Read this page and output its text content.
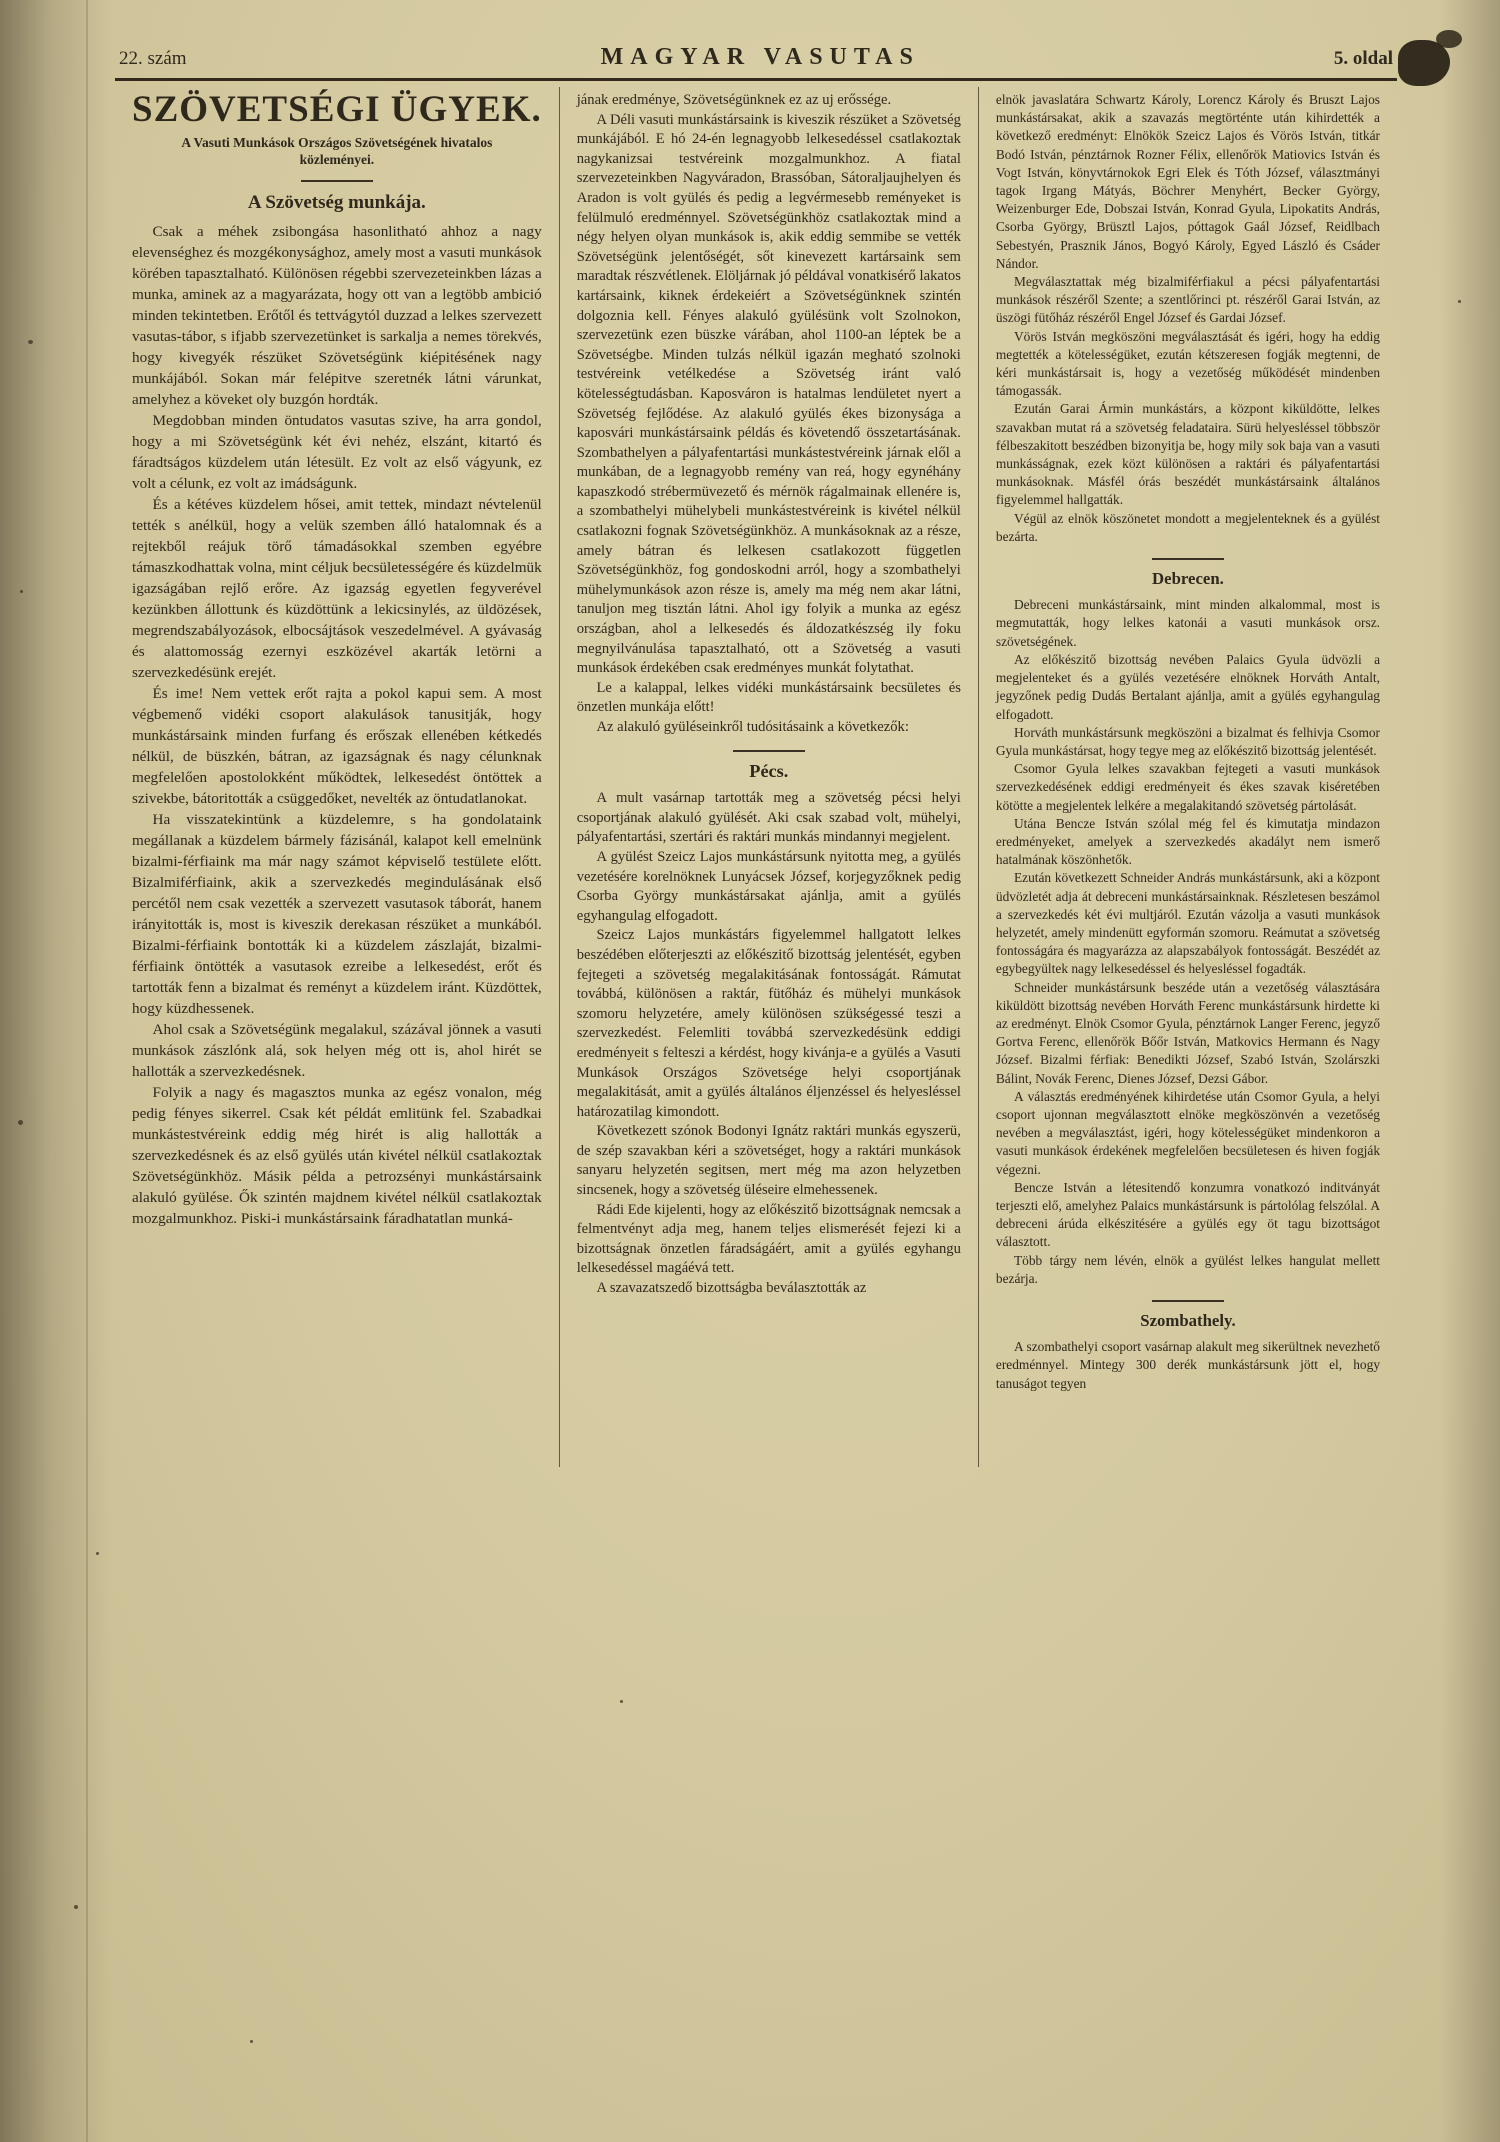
22. szám	MAGYAR VASUTAS	5. oldal
SZÖVETSÉGI ÜGYEK.

A Vasuti Munkások Országos Szövetségének hivatalos közleményei.

A Szövetség munkája.

Csak a méhek zsibongása hasonlitható ahhoz a nagy elevenséghez és mozgékonysághoz, amely most a vasuti munkások körében tapasztalható. Különösen régebbi szervezeteinkben lázas a munka, aminek az a magyarázata, hogy ott van a legtöbb ambició minden tekintetben. Erőtől és tettvágytól duzzad a lelkes szervezett vasutas-tábor, s ifjabb szervezetünket is sarkalja a nemes törekvés, hogy kivegyék részüket Szövetségünk kiépitésének nagy munkájából. Sokan már felépitve szeretnék látni várunkat, amelyhez a köveket oly buzgón hordták.

Megdobban minden öntudatos vasutas szive, ha arra gondol, hogy a mi Szövetségünk két évi nehéz, elszánt, kitartó és fáradtságos küzdelem után létesült. Ez volt az első vágyunk, ez volt a célunk, ez volt az imádságunk.

És a kétéves küzdelem hősei, amit tettek, mindazt névtelenül tették s anélkül, hogy a velük szemben álló hatalomnak és a rejtekből reájuk törő támadásokkal szemben egyébre támaszkodhattak volna, mint céljuk becsületességére és küzdelmük igazságában rejlő erőre. Az igazság egyetlen fegyverével kezünkben állottunk és küzdöttünk a lekicsinylés, az üldözések, megrendszabályozások, elbocsájtások veszedelmével. A gyávaság és alattomosság ezernyi eszközével akarták letörni a szervezkedésünk erejét.

És ime! Nem vettek erőt rajta a pokol kapui sem. A most végbemenő vidéki csoport alakulások tanusitják, hogy munkástársaink minden furfang és erőszak ellenében kétkedés nélkül, de büszkén, bátran, az igazságnak és nagy célunknak megfelelően apostolokként működtek, lelkesedést öntöttek a szivekbe, bátoritották a csüggedőket, nevelték az öntudatlanokat.

Ha visszatekintünk a küzdelemre, s ha gondolataink megállanak a küzdelem bármely fázisánál, kalapot kell emelnünk bizalmi-férfiaink ma már nagy számot képviselő testülete előtt. Bizalmiférfiaink, akik a szervezkedés megindulásának első percétől nem csak vezették a szervezett vasutasok táborát, hanem irányitották is, most is kiveszik derekasan részüket a munkából. Bizalmi-férfiaink bontották ki a küzdelem zászlaját, bizalmi-férfiaink öntötték a vasutasok ezreibe a lelkesedést, erőt és tartották fenn a bizalmat és reményt a küzdelem iránt. Küzdöttek, hogy küzdhessenek.

Ahol csak a Szövetségünk megalakul, százával jönnek a vasuti munkások zászlónk alá, sok helyen még ott is, ahol hirét se hallották a szervezkedésnek.

Folyik a nagy és magasztos munka az egész vonalon, még pedig fényes sikerrel. Csak két példát emlitünk fel. Szabadkai munkástestvéreink eddig még hirét is alig hallották a szervezkedésnek és az első gyülés után kivétel nélkül csatlakoztak Szövetségünkhöz. Másik példa a petrozsényi munkástársaink alakuló gyülése. Ők szintén majdnem kivétel nélkül csatlakoztak mozgalmunkhoz. Piski-i munkástársaink fáradhatatlan munká-

jának eredménye, Szövetségünknek ez az uj erőssége.

A Déli vasuti munkástársaink is kiveszik részüket a Szövetség munkájából. E hó 24-én legnagyobb lelkesedéssel csatlakoztak nagykanizsai testvéreink mozgalmunkhoz. A fiatal szervezeteinkben Nagyváradon, Brassóban, Sátoraljaujhelyen és Aradon is volt gyülés és pedig a legvérmesebb reményeket is felülmuló eredménnyel. Szövetségünkhöz csatlakoztak mind a négy helyen olyan munkások is, akik eddig semmibe se vették Szövetségünk jelentőségét, sőt kinevezett kartársaink sem maradtak részvétlenek. Elöljárnak jó példával vonatkisérő lakatos kartársaink, kiknek érdekeiért a Szövetségünknek szintén dolgoznia kell. Fényes alakuló gyülésünk volt Szolnokon, szervezetünk ezen büszke várában, ahol 1100-an léptek be a Szövetségbe. Minden tulzás nélkül igazán megható szolnoki testvéreink vetélkedése a Szövetség iránt való kötelességtudásban. Kaposváron is hatalmas lendületet nyert a Szövetség fejlődése. Az alakuló gyülés ékes bizonysága a kaposvári munkástársaink példás és követendő összetartásának. Szombathelyen a pályafentartási munkástestvéreink járnak elől a munkában, de a legnagyobb remény van reá, hogy egynéhány kapaszkodó strébermüvezető és mérnök rágalmainak ellenére is, a szombathelyi mühelybeli munkástestvéreink is kivétel nélkül csatlakozni fognak Szövetségünkhöz. A munkásoknak az a része, amely bátran és lelkesen csatlakozott független Szövetségünkhöz, fog gondoskodni arról, hogy a szombathelyi mühelymunkások azon része is, amely ma még nem akar látni, tanuljon meg tisztán látni. Ahol igy folyik a munka az egész országban, ahol a lelkesedés és áldozatkészség ily foku megnyilvánulása tapasztalható, ott a Szövetség a vasuti munkások érdekében csak eredményes munkát folytathat.

Le a kalappal, lelkes vidéki munkástársaink becsületes és önzetlen munkája előtt!

Az alakuló gyüléseinkről tudósitásaink a következők:

Pécs.

A mult vasárnap tartották meg a szövetség pécsi helyi csoportjának alakuló gyülését. Aki csak szabad volt, mühelyi, pályafentartási, szertári és raktári munkás mindannyi megjelent.

A gyülést Szeicz Lajos munkástársunk nyitotta meg, a gyülés vezetésére korelnöknek Lunyácsek József, korjegyzőknek pedig Csorba György munkástársakat ajánlja, amit a gyülés egyhangulag elfogadott.

Szeicz Lajos munkástárs figyelemmel hallgatott lelkes beszédében előterjeszti az előkészitő bizottság jelentését, egyben fejtegeti a szövetség megalakitásának fontosságát. Rámutat továbbá, különösen a raktár, fütőház és mühelyi munkások szomoru helyzetére, amely különösen szükségessé teszi a szervezkedést. Felemliti továbbá szervezkedésünk eddigi eredményeit s felteszi a kérdést, hogy kivánja-e a gyülés a Vasuti Munkások Országos Szövetsége helyi csoportjának megalakitását, amit a gyülés általános éljenzéssel és helyesléssel határozatilag kimondott.

Következett szónok Bodonyi Ignátz raktári munkás egyszerü, de szép szavakban kéri a szövetséget, hogy a raktári munkások sanyaru helyzetén segitsen, mert még ma azon helyzetben sincsenek, hogy a szövetség üléseire elmehessenek.

Rádi Ede kijelenti, hogy az előkészitő bizottságnak nemcsak a felmentvényt adja meg, hanem teljes elismerését fejezi ki a bizottságnak önzetlen fáradságáért, amit a gyülés egyhangu lelkesedéssel magáévá tett.

A szavazatszedő bizottságba beválasztották az

elnök javaslatára Schwartz Károly, Lorencz Károly és Bruszt Lajos munkástársakat, akik a szavazás megtörténte után kihirdették a következő eredményt: Elnökök Szeicz Lajos és Vörös István, titkár Bodó István, pénztárnok Rozner Félix, ellenőrök Matiovics István és Vogt István, könyvtárnokok Egri Elek és Tóth József, választmányi tagok Irgang Mátyás, Böchrer Menyhért, Becker György, Weizenburger Ede, Dobszai István, Konrad Gyula, Lipokatits András, Csorba György, Brüsztl Lajos, póttagok Gaál József, Reidlbach Sebestyén, Prasznik János, Bogyó Károly, Egyed László és Csáder Nándor.

Megválasztattak még bizalmiférfiakul a pécsi pályafentartási munkások részéről Szente; a szentlőrinci pt. részéről Garai István, az üszögi fütőház részéről Engel József és Gardai József.

Vörös István megköszöni megválasztását és igéri, hogy ha eddig megtették a kötelességüket, ezután kétszeresen fogják megtenni, de kéri munkástársait is, hogy a vezetőség működését mindenben támogassák.

Ezután Garai Ármin munkástárs, a központ kiküldötte, lelkes szavakban mutat rá a szövetség feladataira. Sürü helyesléssel többször félbeszakitott beszédben bizonyitja be, hogy mily sok baja van a vasuti munkásságnak, ezek közt különösen a raktári és pályafentartási munkásoknak. Másfél órás beszédét munkástársaink általános figyelemmel hallgatták.

Végül az elnök köszönetet mondott a megjelenteknek és a gyülést bezárta.

Debrecen.

Debreceni munkástársaink, mint minden alkalommal, most is megmutatták, hogy lelkes katonái a vasuti munkások orsz. szövetségének.

Az előkészitő bizottság nevében Palaics Gyula üdvözli a megjelenteket és a gyülés vezetésére elnöknek Horváth Antalt, jegyzőnek pedig Dudás Bertalant ajánlja, amit a gyülés egyhangulag elfogadott.

Horváth munkástársunk megköszöni a bizalmat és felhivja Csomor Gyula munkástársat, hogy tegye meg az előkészitő bizottság jelentését.

Csomor Gyula lelkes szavakban fejtegeti a vasuti munkások szervezkedésének eddigi eredményeit és ékes szavak kiséretében kötötte a megjelentek lelkére a megalakitandó szövetség pártolását.

Utána Bencze István szólal még fel és kimutatja mindazon eredményeket, amelyek a szervezkedés akadályt nem ismerő hatalmának köszönhetők.

Ezután következett Schneider András munkástársunk, aki a központ üdvözletét adja át debreceni munkástársainknak. Részletesen beszámol a szervezkedés két évi multjáról. Ezután vázolja a vasuti munkások helyzetét, amely mindenütt egyformán szomoru. Reámutat a szövetség fontosságára és magyarázza az alapszabályok fontosságát. Beszédét az egybegyültek nagy lelkesedéssel és helyesléssel fogadták.

Schneider munkástársunk beszéde után a vezetőség választására kiküldött bizottság nevében Horváth Ferenc munkástársunk hirdette ki az eredményt. Elnök Csomor Gyula, pénztárnok Langer Ferenc, jegyző Gortva Ferenc, ellenőrök Bőőr István, Matkovics Hermann és Nagy József. Bizalmi férfiak: Benedikti József, Szabó István, Szolárszki Bálint, Novák Ferenc, Dienes József, Dezsi Gábor.

A választás eredményének kihirdetése után Csomor Gyula, a helyi csoport ujonnan megválasztott elnöke megköszönvén a vezetőség nevében a megválasztást, igéri, hogy kötelességüket mindenkoron a vasuti munkások érdekének megfelelően becsületesen és hiven fogják végezni.

Bencze István a létesitendő konzumra vonatkozó inditványát terjeszti elő, amelyhez Palaics munkástársunk is pártolólag felszólal. A debreceni árúda elkészitésére a gyülés egy öt tagu bizottságot választott.

Több tárgy nem lévén, elnök a gyülést lelkes hangulat mellett bezárja.

Szombathely.

A szombathelyi csoport vasárnap alakult meg sikerültnek nevezhető eredménnyel. Mintegy 300 derék munkástársunk jött el, hogy tanuságot tegyen
